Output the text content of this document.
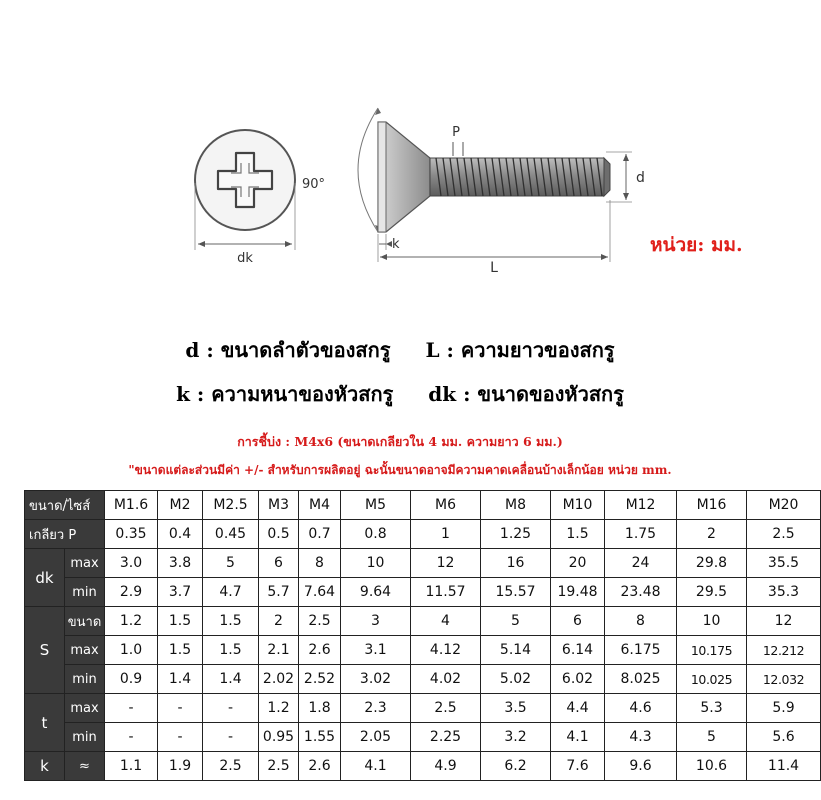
dk
90°
P
d
k
L
หน่วย: มม.
d : ขนาดลำตัวของสกรู L : ความยาวของสกรู
k : ความหนาของหัวสกรู dk : ขนาดของหัวสกรู
การชี้บ่ง : M4x6 (ขนาดเกลียวใน 4 มม. ความยาว 6 มม.)
"ขนาดแต่ละส่วนมีค่า +/- สำหรับการผลิตอยู่ ฉะนั้นขนาดอาจมีความคาดเคลื่อนบ้างเล็กน้อย หน่วย mm.
ขนาด/ไซส์		M1.6	M2	M2.5	M3	M4	M5	M6	M8	M10	M12	M16	M20
เกลียว P		0.35	0.4	0.45	0.5	0.7	0.8	1	1.25	1.5	1.75	2	2.5
dk	max	3.0	3.8	5	6	8	10	12	16	20	24	29.8	35.5
	min	2.9	3.7	4.7	5.7	7.64	9.64	11.57	15.57	19.48	23.48	29.5	35.3
S	ขนาด	1.2	1.5	1.5	2	2.5	3	4	5	6	8	10	12
	max	1.0	1.5	1.5	2.1	2.6	3.1	4.12	5.14	6.14	6.175	10.175	12.212
	min	0.9	1.4	1.4	2.02	2.52	3.02	4.02	5.02	6.02	8.025	10.025	12.032
t	max	-	-	-	1.2	1.8	2.3	2.5	3.5	4.4	4.6	5.3	5.9
	min	-	-	-	0.95	1.55	2.05	2.25	3.2	4.1	4.3	5	5.6
k	≈	1.1	1.9	2.5	2.5	2.6	4.1	4.9	6.2	7.6	9.6	10.6	11.4
